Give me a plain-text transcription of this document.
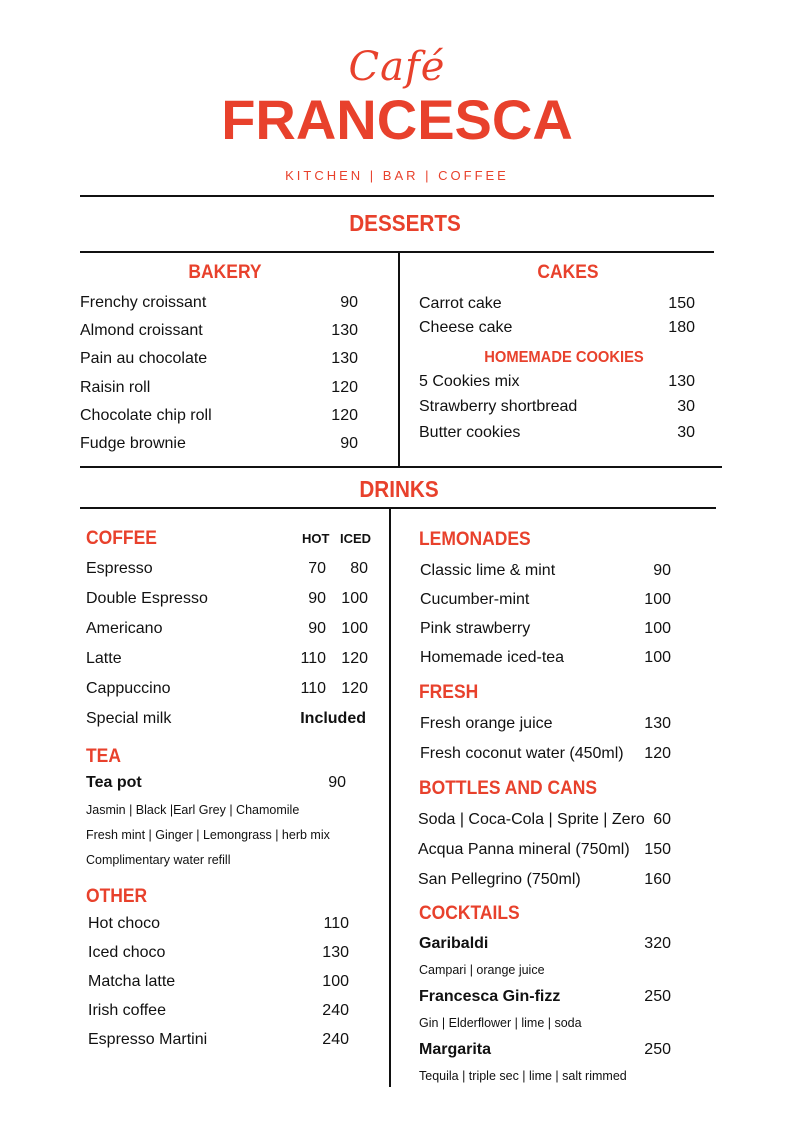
Café
FRANCESCA
KITCHEN | BAR | COFFEE
DESSERTS
BAKERY
Frenchy croissant	90
Almond croissant	130
Pain au chocolate	130
Raisin roll	120
Chocolate chip roll	120
Fudge brownie	90
CAKES
Carrot cake	150
Cheese cake	180
HOMEMADE COOKIES
5 Cookies mix	130
Strawberry shortbread	30
Butter cookies	30
DRINKS
COFFEE	HOT ICED
Espresso	70 80
Double Espresso	90 100
Americano	90 100
Latte	110 120
Cappuccino	110 120
Special milk	Included
TEA
Tea pot	90
Jasmin | Black |Earl Grey | Chamomile
Fresh mint | Ginger | Lemongrass | herb mix
Complimentary water refill
OTHER
Hot choco	110
Iced choco	130
Matcha latte	100
Irish coffee	240
Espresso Martini	240
LEMONADES
Classic lime & mint	90
Cucumber-mint	100
Pink strawberry	100
Homemade iced-tea	100
FRESH
Fresh orange juice	130
Fresh coconut water (450ml) 120
BOTTLES AND CANS
Soda | Coca-Cola | Sprite | Zero 60
Acqua Panna mineral (750ml) 150
San Pellegrino (750ml)	160
COCKTAILS
Garibaldi	320
Campari | orange juice
Francesca Gin-fizz	250
Gin | Elderflower | lime | soda
Margarita	250
Tequila | triple sec | lime | salt rimmed
